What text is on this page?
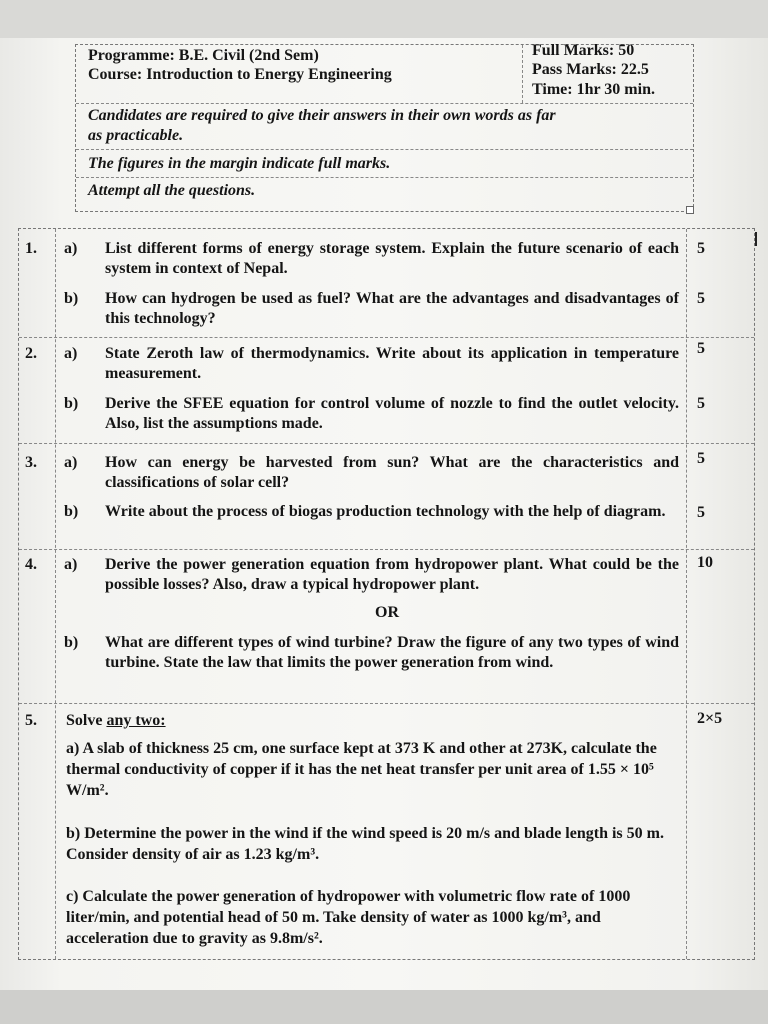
Programme: B.E. Civil (2nd Sem)
Course: Introduction to Energy Engineering
Full Marks: 50
Pass Marks: 22.5
Time: 1hr 30 min.
Candidates are required to give their answers in their own words as far
as practicable.
The figures in the margin indicate full marks.
Attempt all the questions.
1. a) List different forms of energy storage system. Explain the future scenario of each system in context of Nepal.
5
b) How can hydrogen be used as fuel? What are the advantages and disadvantages of this technology?
5
2. a) State Zeroth law of thermodynamics. Write about its application in temperature measurement.
5
b) Derive the SFEE equation for control volume of nozzle to find the outlet velocity. Also, list the assumptions made.
5
3. a) How can energy be harvested from sun? What are the characteristics and classifications of solar cell?
5
b) Write about the process of biogas production technology with the help of diagram.	5
4. a) Derive the power generation equation from hydropower plant. What could be the possible losses? Also, draw a typical hydropower plant.
10
OR
b) What are different types of wind turbine? Draw the figure of any two types of wind turbine. State the law that limits the power generation from wind.
5. Solve any two:	2×5
a) A slab of thickness 25 cm, one surface kept at 373 K and other at 273K, calculate the thermal conductivity of copper if it has the net heat transfer per unit area of 1.55 × 10⁵ W/m².
b) Determine the power in the wind if the wind speed is 20 m/s and blade length is 50 m. Consider density of air as 1.23 kg/m³.
c) Calculate the power generation of hydropower with volumetric flow rate of 1000 liter/min, and potential head of 50 m. Take density of water as 1000 kg/m³, and acceleration due to gravity as 9.8m/s².
